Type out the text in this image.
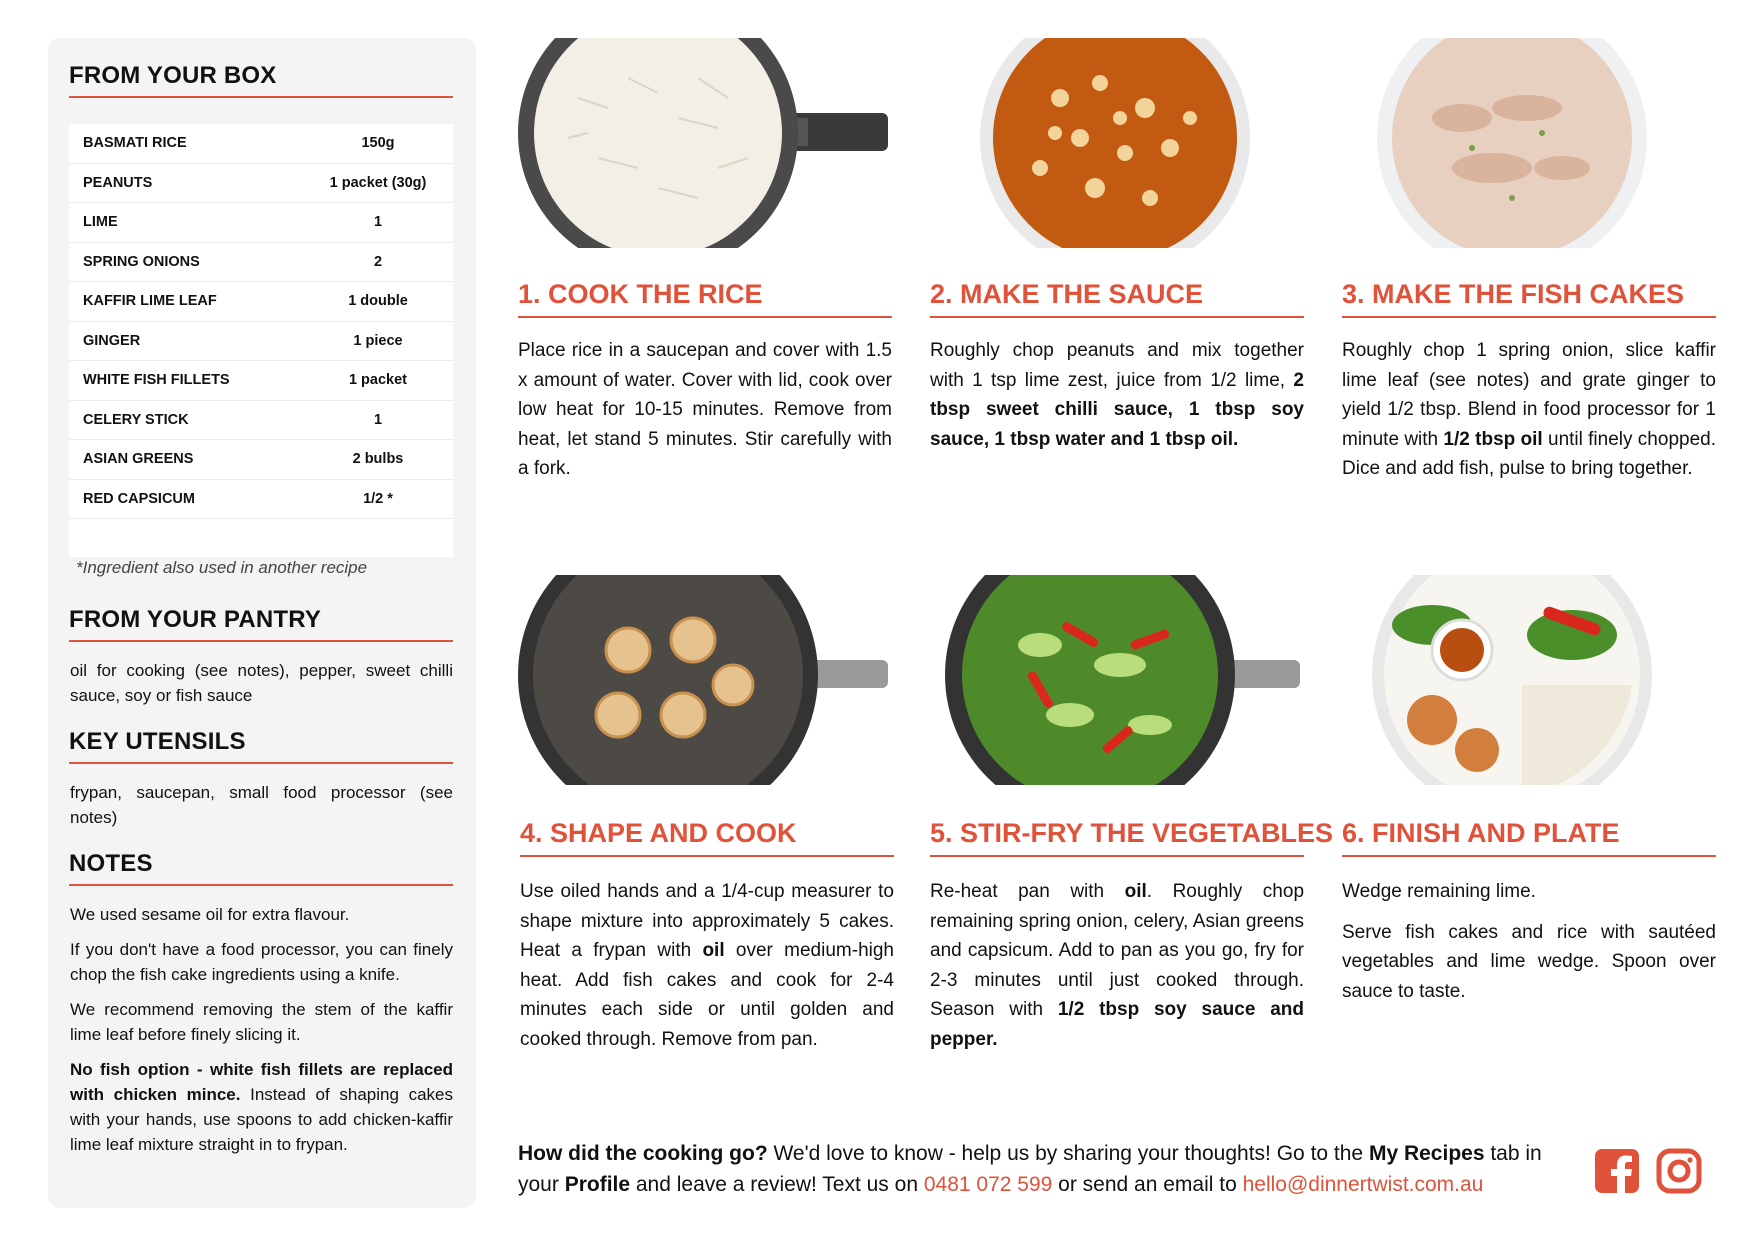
FROM YOUR BOX
BASMATI RICE	150g
PEANUTS	1 packet (30g)
LIME	1
SPRING ONIONS	2
KAFFIR LIME LEAF	1 double
GINGER	1 piece
WHITE FISH FILLETS	1 packet
CELERY STICK	1
ASIAN GREENS	2 bulbs
RED CAPSICUM	1/2 *
*Ingredient also used in another recipe
FROM YOUR PANTRY
oil for cooking (see notes), pepper, sweet chilli sauce, soy or fish sauce
KEY UTENSILS
frypan, saucepan, small food processor (see notes)
NOTES

We used sesame oil for extra flavour.

If you don't have a food processor, you can finely chop the fish cake ingredients using a knife.

We recommend removing the stem of the kaffir lime leaf before finely slicing it.

No fish option - white fish fillets are replaced with chicken mince. Instead of shaping cakes with your hands, use spoons to add chicken-kaffir lime leaf mixture straight in to frypan.

1. COOK THE RICE	2. MAKE THE SAUCE	3. MAKE THE FISH CAKES
4. SHAPE AND COOK	5. STIR-FRY THE VEGETABLES 6. FINISH AND PLATE
Place rice in a saucepan and cover with 1.5 x amount of water. Cover with lid, cook over low heat for 10-15 minutes. Remove from heat, let stand 5 minutes. Stir carefully with a fork.
Roughly chop peanuts and mix together with 1 tsp lime zest, juice from 1/2 lime, 2 tbsp sweet chilli sauce, 1 tbsp soy sauce, 1 tbsp water and 1 tbsp oil.
Roughly chop 1 spring onion, slice kaffir lime leaf (see notes) and grate ginger to yield 1/2 tbsp. Blend in food processor for 1 minute with 1/2 tbsp oil until finely chopped. Dice and add fish, pulse to bring together.
Use oiled hands and a 1/4-cup measurer to shape mixture into approximately 5 cakes. Heat a frypan with oil over medium-high heat. Add fish cakes and cook for 2-4 minutes each side or until golden and cooked through. Remove from pan.
Re-heat pan with oil. Roughly chop remaining spring onion, celery, Asian greens and capsicum. Add to pan as you go, fry for 2-3 minutes until just cooked through. Season with 1/2 tbsp soy sauce and pepper.

Wedge remaining lime.

Serve fish cakes and rice with sautéed vegetables and lime wedge. Spoon over sauce to taste.

How did the cooking go? We'd love to know - help us by sharing your thoughts! Go to the My Recipes tab in your Profile and leave a review! Text us on 0481 072 599 or send an email to hello@dinnertwist.com.au
